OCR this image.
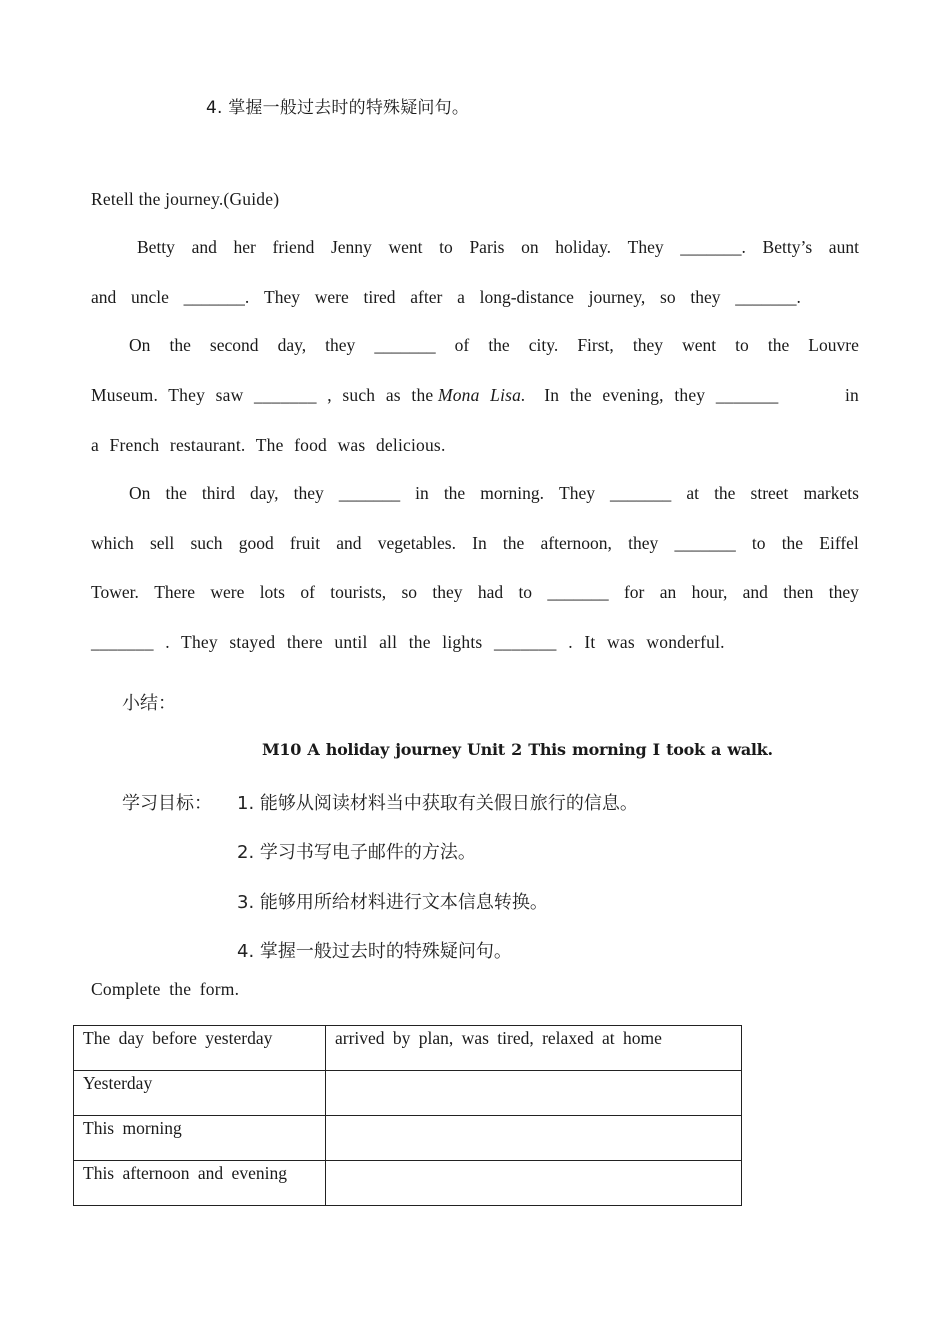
4. 掌握一般过去时的特殊疑问句。
Retell the journey.(Guide)
Betty and her friend Jenny went to Paris on holiday. They _______. Betty’s aunt
and uncle _______. They were tired after a long-distance journey, so they _______.
On the second day, they _______ of the city. First, they went to the Louvre
Museum. They saw _______ , such as the Mona Lisa. In the evening, they _______	in
a French restaurant. The food was delicious.
On the third day, they _______ in the morning. They _______ at the street markets
which sell such good fruit and vegetables. In the afternoon, they _______ to the Eiffel
Tower. There were lots of tourists, so they had to _______ for an hour, and then they
_______ . They stayed there until all the lights _______ . It was wonderful.
小结：
M10 A holiday journey Unit 2 This morning I took a walk.
学习目标： 1. 能够从阅读材料当中获取有关假日旅行的信息。
2. 学习书写电子邮件的方法。
3. 能够用所给材料进行文本信息转换。
4. 掌握一般过去时的特殊疑问句。
Complete the form.
The day before yesterday	arrived by plan, was tired, relaxed at home
Yesterday	
This morning	
This afternoon and evening	
